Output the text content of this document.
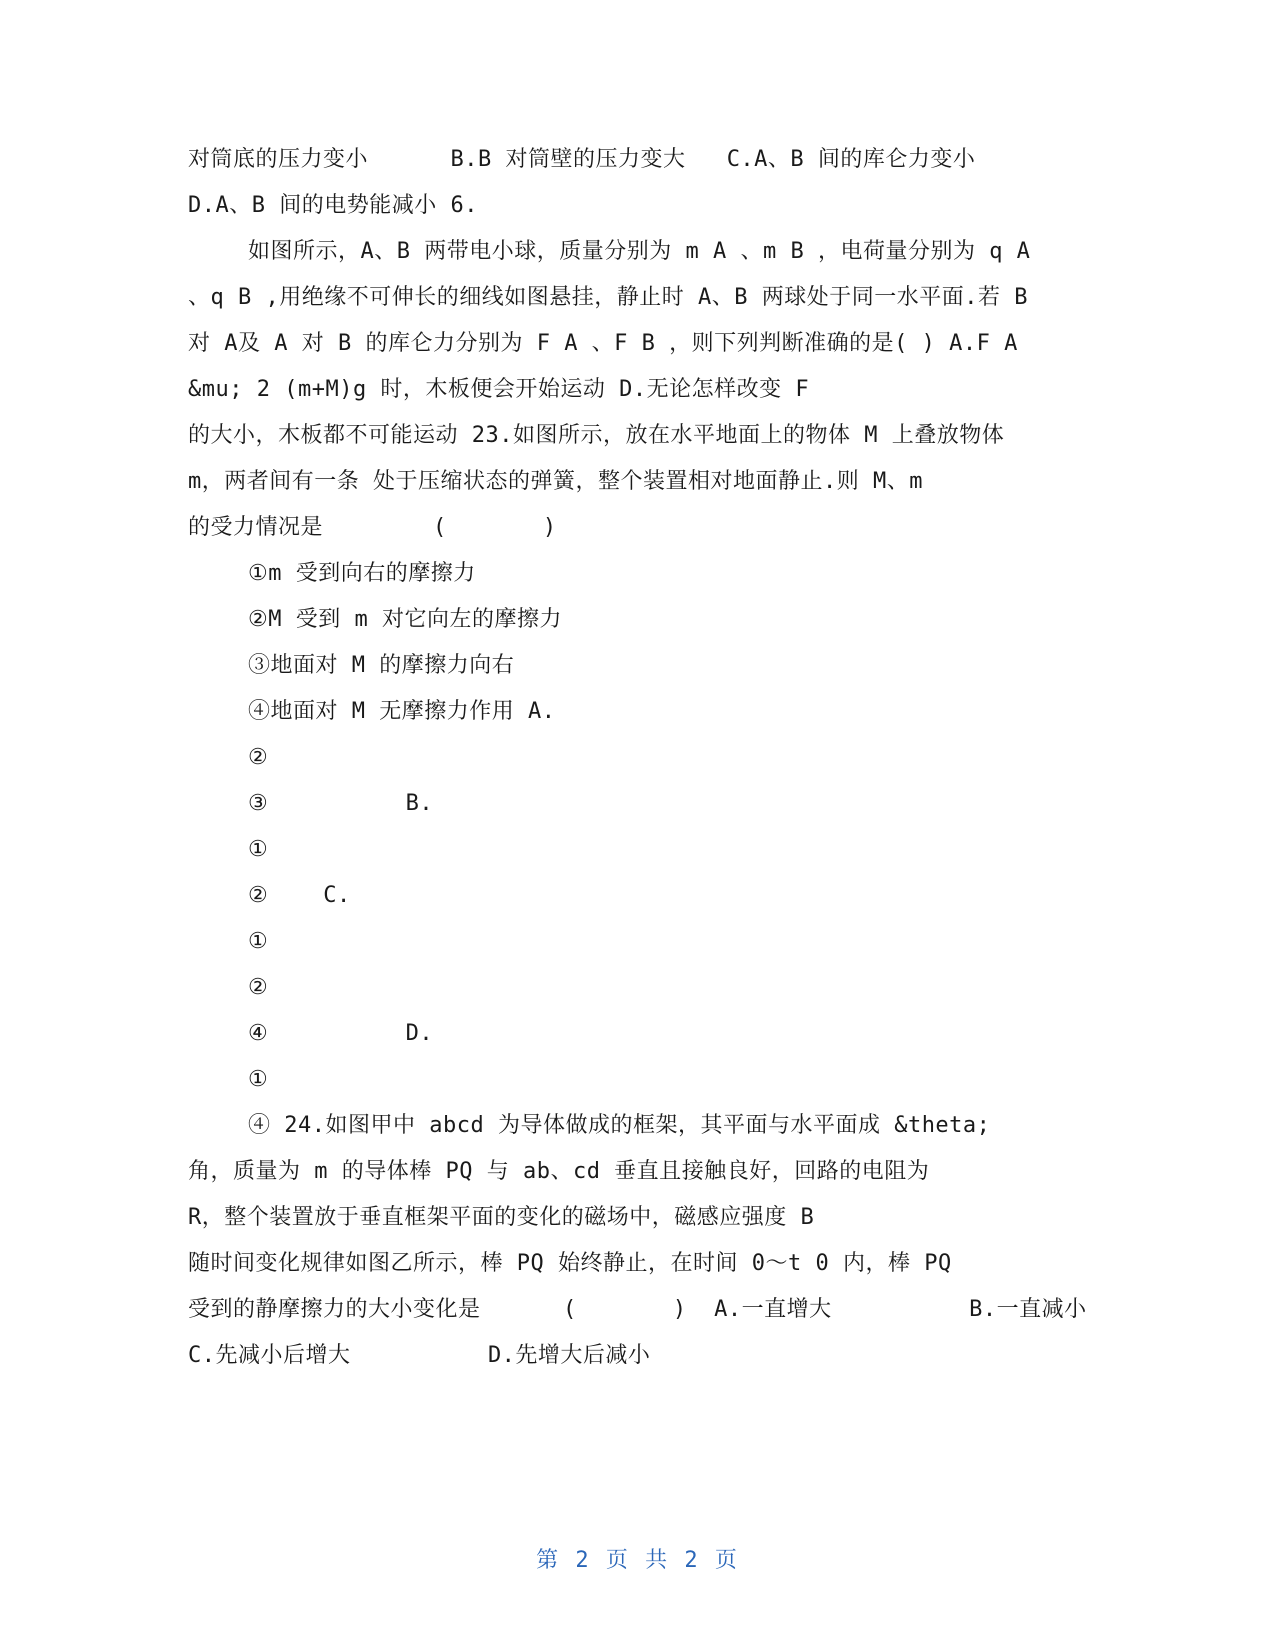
对筒底的压力变小      B.B 对筒壁的压力变大   C.A、B 间的库仑力变小
D.A、B 间的电势能减小 6.
如图所示，A、B 两带电小球，质量分别为 m A 、m B ，电荷量分别为 q A
、q B ,用绝缘不可伸长的细线如图悬挂，静止时 A、B 两球处于同一水平面.若 B
对 A及 A 对 B 的库仑力分别为 F A 、F B ，则下列判断准确的是( ) A.F A
&mu; 2 (m+M)g 时，木板便会开始运动 D.无论怎样改变 F
的大小，木板都不可能运动 23.如图所示，放在水平地面上的物体 M 上叠放物体
m，两者间有一条 处于压缩状态的弹簧，整个装置相对地面静止.则 M、m
的受力情况是        (       )
①m 受到向右的摩擦力
②M 受到 m 对它向左的摩擦力
③地面对 M 的摩擦力向右
④地面对 M 无摩擦力作用 A.
②
③          B.
①
②    C.
①
②
④          D.
①
④ 24.如图甲中 abcd 为导体做成的框架，其平面与水平面成 &theta;
角，质量为 m 的导体棒 PQ 与 ab、cd 垂直且接触良好，回路的电阻为
R，整个装置放于垂直框架平面的变化的磁场中，磁感应强度 B
随时间变化规律如图乙所示，棒 PQ 始终静止，在时间 0～t 0 内，棒 PQ
受到的静摩擦力的大小变化是      (       )  A.一直增大          B.一直减小
C.先减小后增大          D.先增大后减小
第 2 页 共 2 页
